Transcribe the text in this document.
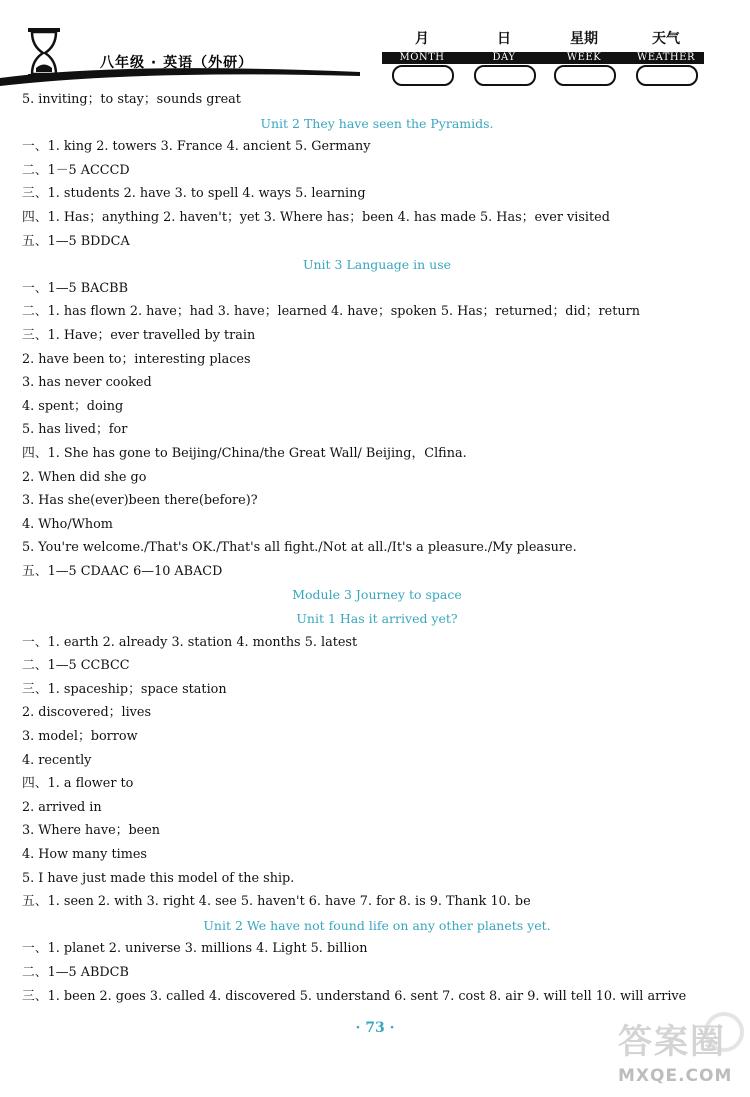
八年级 · 英语（外研）
月	日	星期	天气
MONTH	DAY	WEEK	WEATHER
5. inviting；to stay；sounds great
Unit 2 They have seen the Pyramids.
一、1. king 2. towers 3. France 4. ancient 5. Germany
二、1－5 ACCCD
三、1. students 2. have 3. to spell 4. ways 5. learning
四、1. Has；anything 2. haven't；yet 3. Where has；been 4. has made 5. Has；ever visited
五、1—5 BDDCA
Unit 3 Language in use
一、1—5 BACBB
二、1. has flown 2. have；had 3. have；learned 4. have；spoken 5. Has；returned；did；return
三、1. Have；ever travelled by train
2. have been to；interesting places
3. has never cooked
4. spent；doing
5. has lived；for
四、1. She has gone to Beijing/China/the Great Wall/ Beijing，Clfina.
2. When did she go
3. Has she(ever)been there(before)?
4. Who/Whom
5. You're welcome./That's OK./That's all fight./Not at all./It's a pleasure./My pleasure.
五、1—5 CDAAC 6—10 ABACD
Module 3 Journey to space
Unit 1 Has it arrived yet?
一、1. earth 2. already 3. station 4. months 5. latest
二、1—5 CCBCC
三、1. spaceship；space station
2. discovered；lives
3. model；borrow
4. recently
四、1. a flower to
2. arrived in
3. Where have；been
4. How many times
5. I have just made this model of the ship.
五、1. seen 2. with 3. right 4. see 5. haven't 6. have 7. for 8. is 9. Thank 10. be
Unit 2 We have not found life on any other planets yet.
一、1. planet 2. universe 3. millions 4. Light 5. billion
二、1—5 ABDCB
三、1. been 2. goes 3. called 4. discovered 5. understand 6. sent 7. cost 8. air 9. will tell 10. will arrive
· 73 ·	答案圈
MXQE.COM
